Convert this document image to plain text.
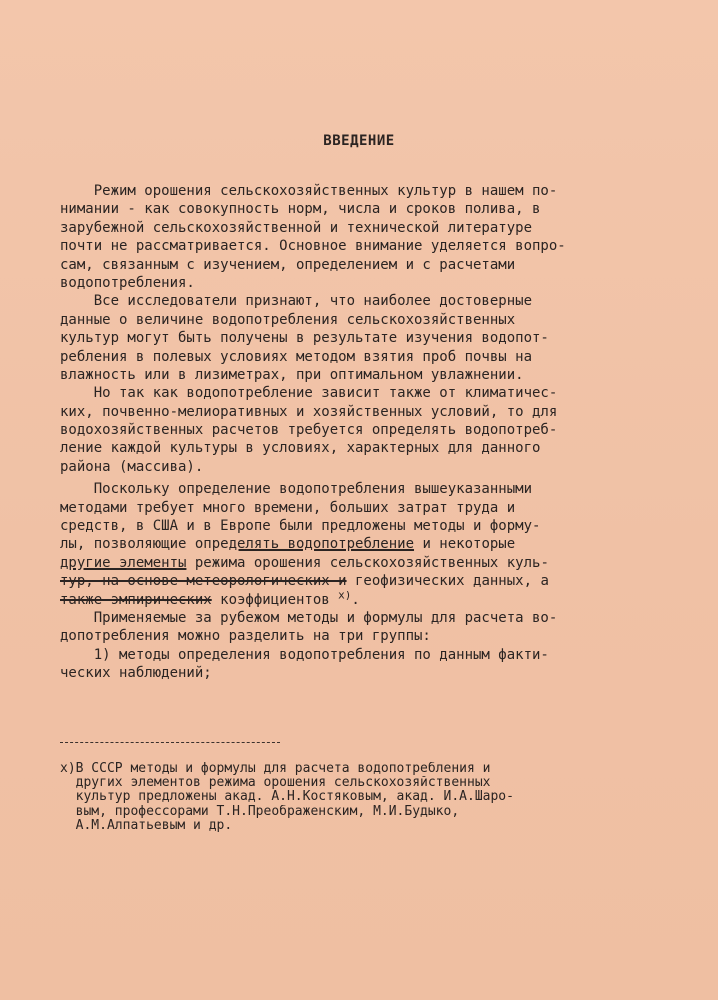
ВВЕДЕНИЕ
Режим орошения сельскохозяйственных культур в нашем по-
нимании - как совокупность норм, числа и сроков полива, в
зарубежной сельскохозяйственной и технической литературе
почти не рассматривается. Основное внимание уделяется вопро-
сам, связанным с изучением, определением и с расчетами
водопотребления.
Все исследователи признают, что наиболее достоверные
данные о величине водопотребления сельскохозяйственных
культур могут быть получены в результате изучения водопот-
ребления в полевых условиях методом взятия проб почвы на
влажность или в лизиметрах, при оптимальном увлажнении.
Но так как водопотребление зависит также от климатичес-
ких, почвенно-мелиоративных и хозяйственных условий, то для
водохозяйственных расчетов требуется определять водопотреб-
ление каждой культуры в условиях, характерных для данного
района (массива).
Поскольку определение водопотребления вышеуказанными
методами требует много времени, больших затрат труда и
средств, в США и в Европе были предложены методы и форму-
лы, позволяющие определять водопотребление и некоторые
другие элементы режима орошения сельскохозяйственных куль-
тур, на основе метеорологических и геофизических данных, а
также эмпирических коэффициентов $^{х)}$.
Применяемые за рубежом методы и формулы для расчета во-
допотребления можно разделить на три группы:
1) методы определения водопотребления по данным факти-
ческих наблюдений;
х)В СССР методы и формулы для расчета водопотребления и
других элементов режима орошения сельскохозяйственных
культур предложены акад. А.Н.Костяковым, акад. И.А.Шаро-
вым, профессорами Т.Н.Преображенским, М.И.Будыко,
А.М.Алпатьевым и др.
